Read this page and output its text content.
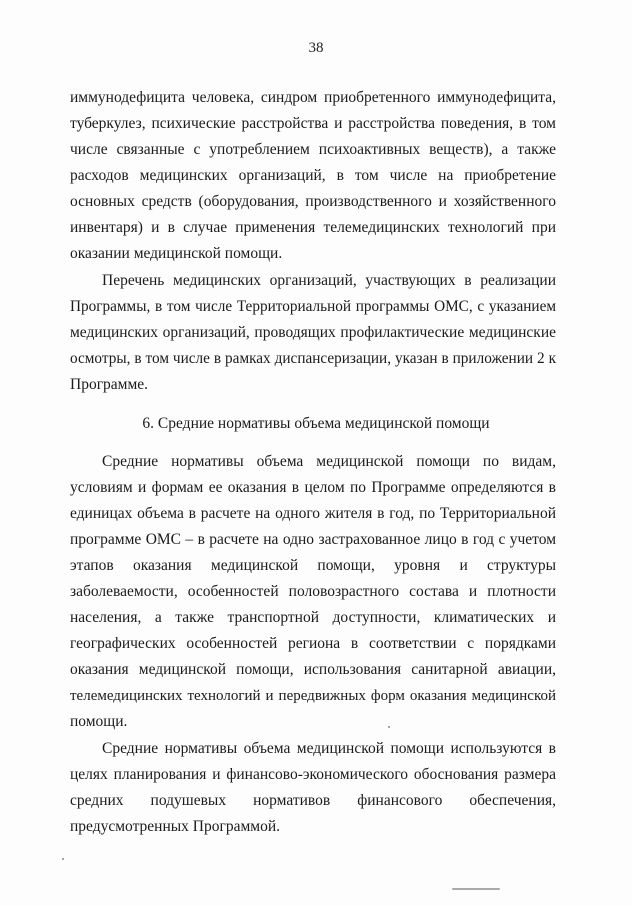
38
иммунодефицита человека, синдром приобретенного иммунодефицита,
туберкулез, психические расстройства и расстройства поведения, в том
числе связанные с употреблением психоактивных веществ), а также
расходов медицинских организаций, в том числе на приобретение
основных средств (оборудования, производственного и хозяйственного
инвентаря) и в случае применения телемедицинских технологий при
оказании медицинской помощи.
Перечень медицинских организаций, участвующих в реализации
Программы, в том числе Территориальной программы ОМС, с указанием
медицинских организаций, проводящих профилактические медицинские
осмотры, в том числе в рамках диспансеризации, указан в приложении 2 к
Программе.
6. Средние нормативы объема медицинской помощи
Средние нормативы объема медицинской помощи по видам,
условиям и формам ее оказания в целом по Программе определяются в
единицах объема в расчете на одного жителя в год, по Территориальной
программе ОМС – в расчете на одно застрахованное лицо в год с учетом
этапов оказания медицинской помощи, уровня и структуры
заболеваемости, особенностей половозрастного состава и плотности
населения, а также транспортной доступности, климатических и
географических особенностей региона в соответствии с порядками
оказания медицинской помощи, использования санитарной авиации,
телемедицинских технологий и передвижных форм оказания медицинской
помощи.
Средние нормативы объема медицинской помощи используются в
целях планирования и финансово-экономического обоснования размера
средних подушевых нормативов финансового обеспечения,
предусмотренных Программой.
